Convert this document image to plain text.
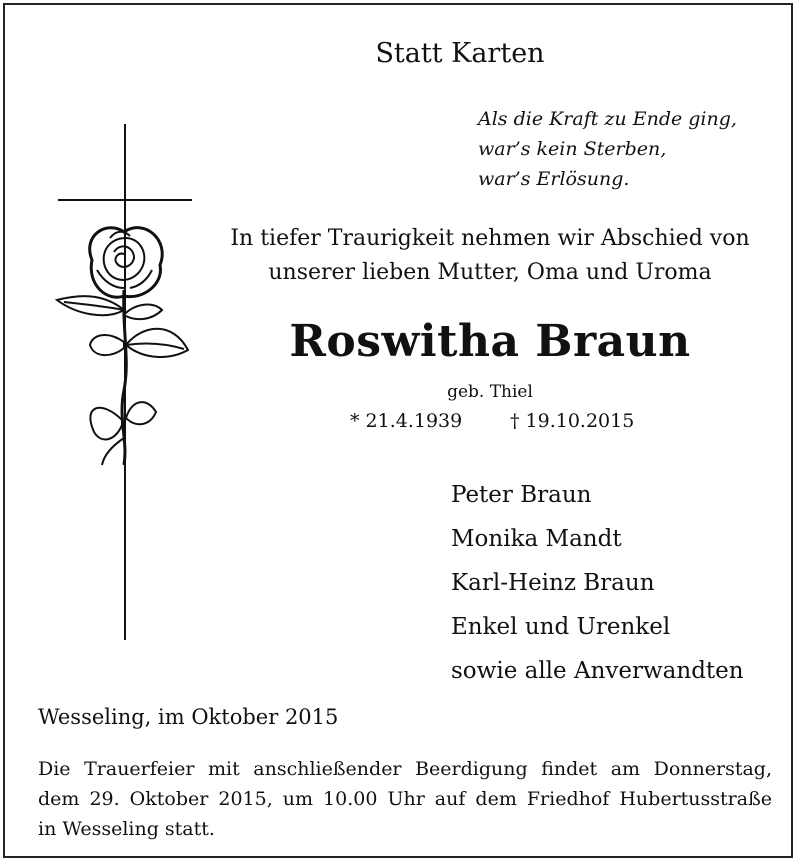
Statt Karten
Als die Kraft zu Ende ging,
war’s kein Sterben,
war’s Erlösung.
In tiefer Traurigkeit nehmen wir Abschied von
unserer lieben Mutter, Oma und Uroma
Roswitha Braun
geb. Thiel
* 21.4.1939	† 19.10.2015
Peter Braun
Monika Mandt
Karl-Heinz Braun
Enkel und Urenkel
sowie alle Anverwandten
Wesseling, im Oktober 2015
Die Trauerfeier mit anschließender Beerdigung findet am Donnerstag,
dem 29. Oktober 2015, um 10.00 Uhr auf dem Friedhof Hubertusstraße
in Wesseling statt.
